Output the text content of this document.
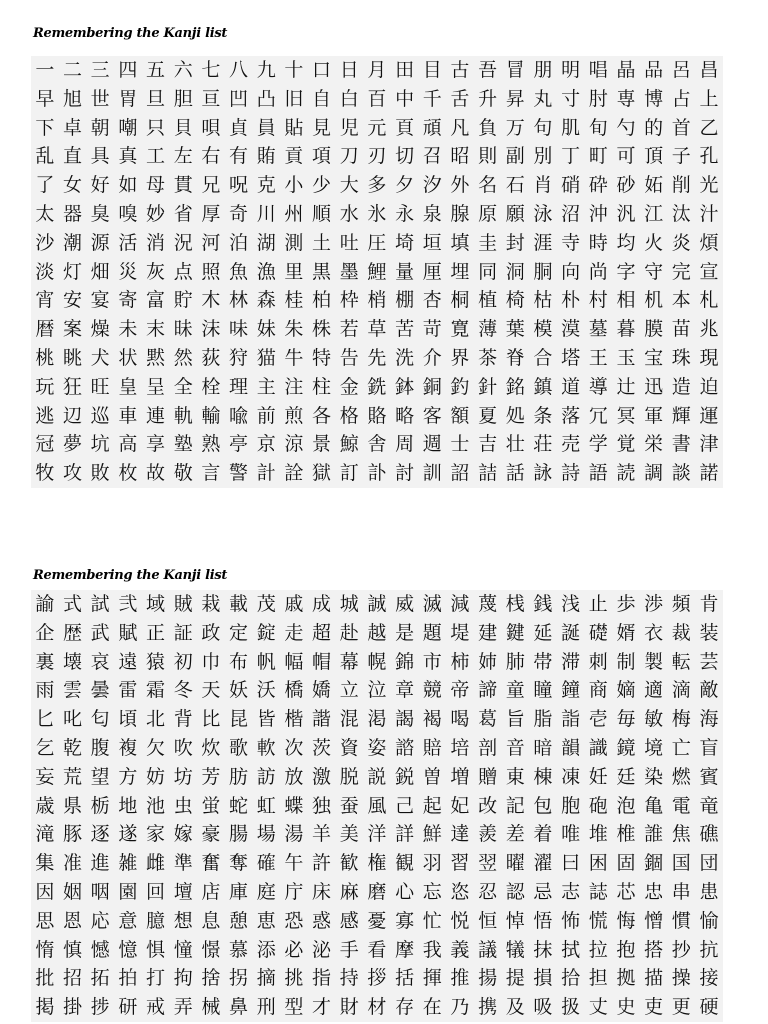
Remembering the Kanji list
一 二 三 四 五 六 七 八 九 十 口 日 月 田 目 古 吾 冒 朋 明 唱 晶 品 呂 昌
早 旭 世 胃 旦 胆 亘 凹 凸 旧 自 白 百 中 千 舌 升 昇 丸 寸 肘 専 博 占 上
下 卓 朝 嘲 只 貝 唄 貞 員 貼 見 児 元 頁 頑 凡 負 万 句 肌 旬 勺 的 首 乙
乱 直 具 真 工 左 右 有 賄 貢 項 刀 刃 切 召 昭 則 副 別 丁 町 可 頂 子 孔
了 女 好 如 母 貫 兄 呪 克 小 少 大 多 夕 汐 外 名 石 肖 硝 砕 砂 妬 削 光
太 器 臭 嗅 妙 省 厚 奇 川 州 順 水 氷 永 泉 腺 原 願 泳 沼 沖 汎 江 汰 汁
沙 潮 源 活 消 況 河 泊 湖 測 土 吐 圧 埼 垣 填 圭 封 涯 寺 時 均 火 炎 煩
淡 灯 畑 災 灰 点 照 魚 漁 里 黒 墨 鯉 量 厘 埋 同 洞 胴 向 尚 字 守 完 宣
宵 安 宴 寄 富 貯 木 林 森 桂 柏 枠 梢 棚 杏 桐 植 椅 枯 朴 村 相 机 本 札
暦 案 燥 未 末 昧 沫 味 妹 朱 株 若 草 苦 苛 寛 薄 葉 模 漠 墓 暮 膜 苗 兆
桃 眺 犬 状 黙 然 荻 狩 猫 牛 特 告 先 洗 介 界 茶 脊 合 塔 王 玉 宝 珠 現
玩 狂 旺 皇 呈 全 栓 理 主 注 柱 金 銑 鉢 銅 釣 針 銘 鎮 道 導 辻 迅 造 迫
逃 辺 巡 車 連 軌 輸 喩 前 煎 各 格 賂 略 客 額 夏 処 条 落 冗 冥 軍 輝 運
冠 夢 坑 高 享 塾 熟 亭 京 涼 景 鯨 舎 周 週 士 吉 壮 荘 売 学 覚 栄 書 津
牧 攻 敗 枚 故 敬 言 警 計 詮 獄 訂 訃 討 訓 詔 詰 話 詠 詩 語 読 調 談 諾
Remembering the Kanji list
諭 式 試 弐 域 賊 栽 載 茂 戚 成 城 誠 威 滅 減 蔑 桟 銭 浅 止 歩 渉 頻 肯
企 歴 武 賦 正 証 政 定 錠 走 超 赴 越 是 題 堤 建 鍵 延 誕 礎 婿 衣 裁 装
裏 壊 哀 遠 猿 初 巾 布 帆 幅 帽 幕 幌 錦 市 柿 姉 肺 帯 滞 刺 制 製 転 芸
雨 雲 曇 雷 霜 冬 天 妖 沃 橋 嬌 立 泣 章 競 帝 諦 童 瞳 鐘 商 嫡 適 滴 敵
匕 叱 匂 頃 北 背 比 昆 皆 楷 諧 混 渇 謁 褐 喝 葛 旨 脂 詣 壱 毎 敏 梅 海
乞 乾 腹 複 欠 吹 炊 歌 軟 次 茨 資 姿 諮 賠 培 剖 音 暗 韻 識 鏡 境 亡 盲
妄 荒 望 方 妨 坊 芳 肪 訪 放 激 脱 説 鋭 曽 増 贈 東 棟 凍 妊 廷 染 燃 賓
歳 県 栃 地 池 虫 蛍 蛇 虹 蝶 独 蚕 風 己 起 妃 改 記 包 胞 砲 泡 亀 電 竜
滝 豚 逐 遂 家 嫁 豪 腸 場 湯 羊 美 洋 詳 鮮 達 羨 差 着 唯 堆 椎 誰 焦 礁
集 准 進 雑 雌 準 奮 奪 確 午 許 歓 権 観 羽 習 翌 曜 濯 曰 困 固 錮 国 団
因 姻 咽 園 回 壇 店 庫 庭 庁 床 麻 磨 心 忘 恣 忍 認 忌 志 誌 芯 忠 串 患
思 恩 応 意 臆 想 息 憩 恵 恐 惑 感 憂 寡 忙 悦 恒 悼 悟 怖 慌 悔 憎 慣 愉
惰 慎 憾 憶 惧 憧 憬 慕 添 必 泌 手 看 摩 我 義 議 犠 抹 拭 拉 抱 搭 抄 抗
批 招 拓 拍 打 拘 捨 拐 摘 挑 指 持 拶 括 揮 推 揚 提 損 拾 担 拠 描 操 接
掲 掛 捗 研 戒 弄 械 鼻 刑 型 才 財 材 存 在 乃 携 及 吸 扱 丈 史 吏 更 硬
